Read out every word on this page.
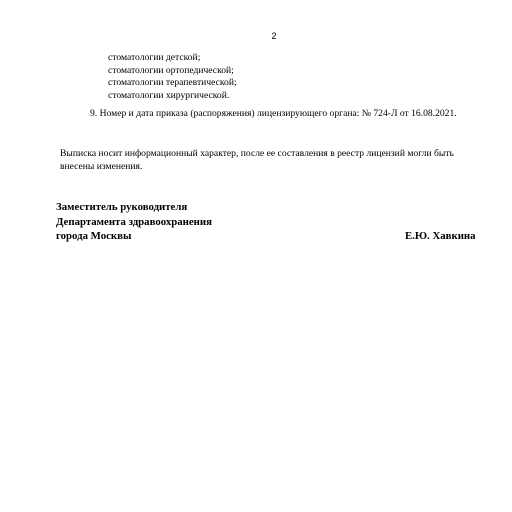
2
стоматологии детской;
стоматологии ортопедической;
стоматологии терапевтической;
стоматологии хирургической.
9. Номер и дата приказа (распоряжения) лицензирующего органа: № 724-Л от 16.08.2021.
Выписка носит информационный характер, после ее составления в реестр лицензий могли быть
внесены изменения.
Заместитель руководителя
Департамента здравоохранения
города Москвы	Е.Ю. Хавкина
